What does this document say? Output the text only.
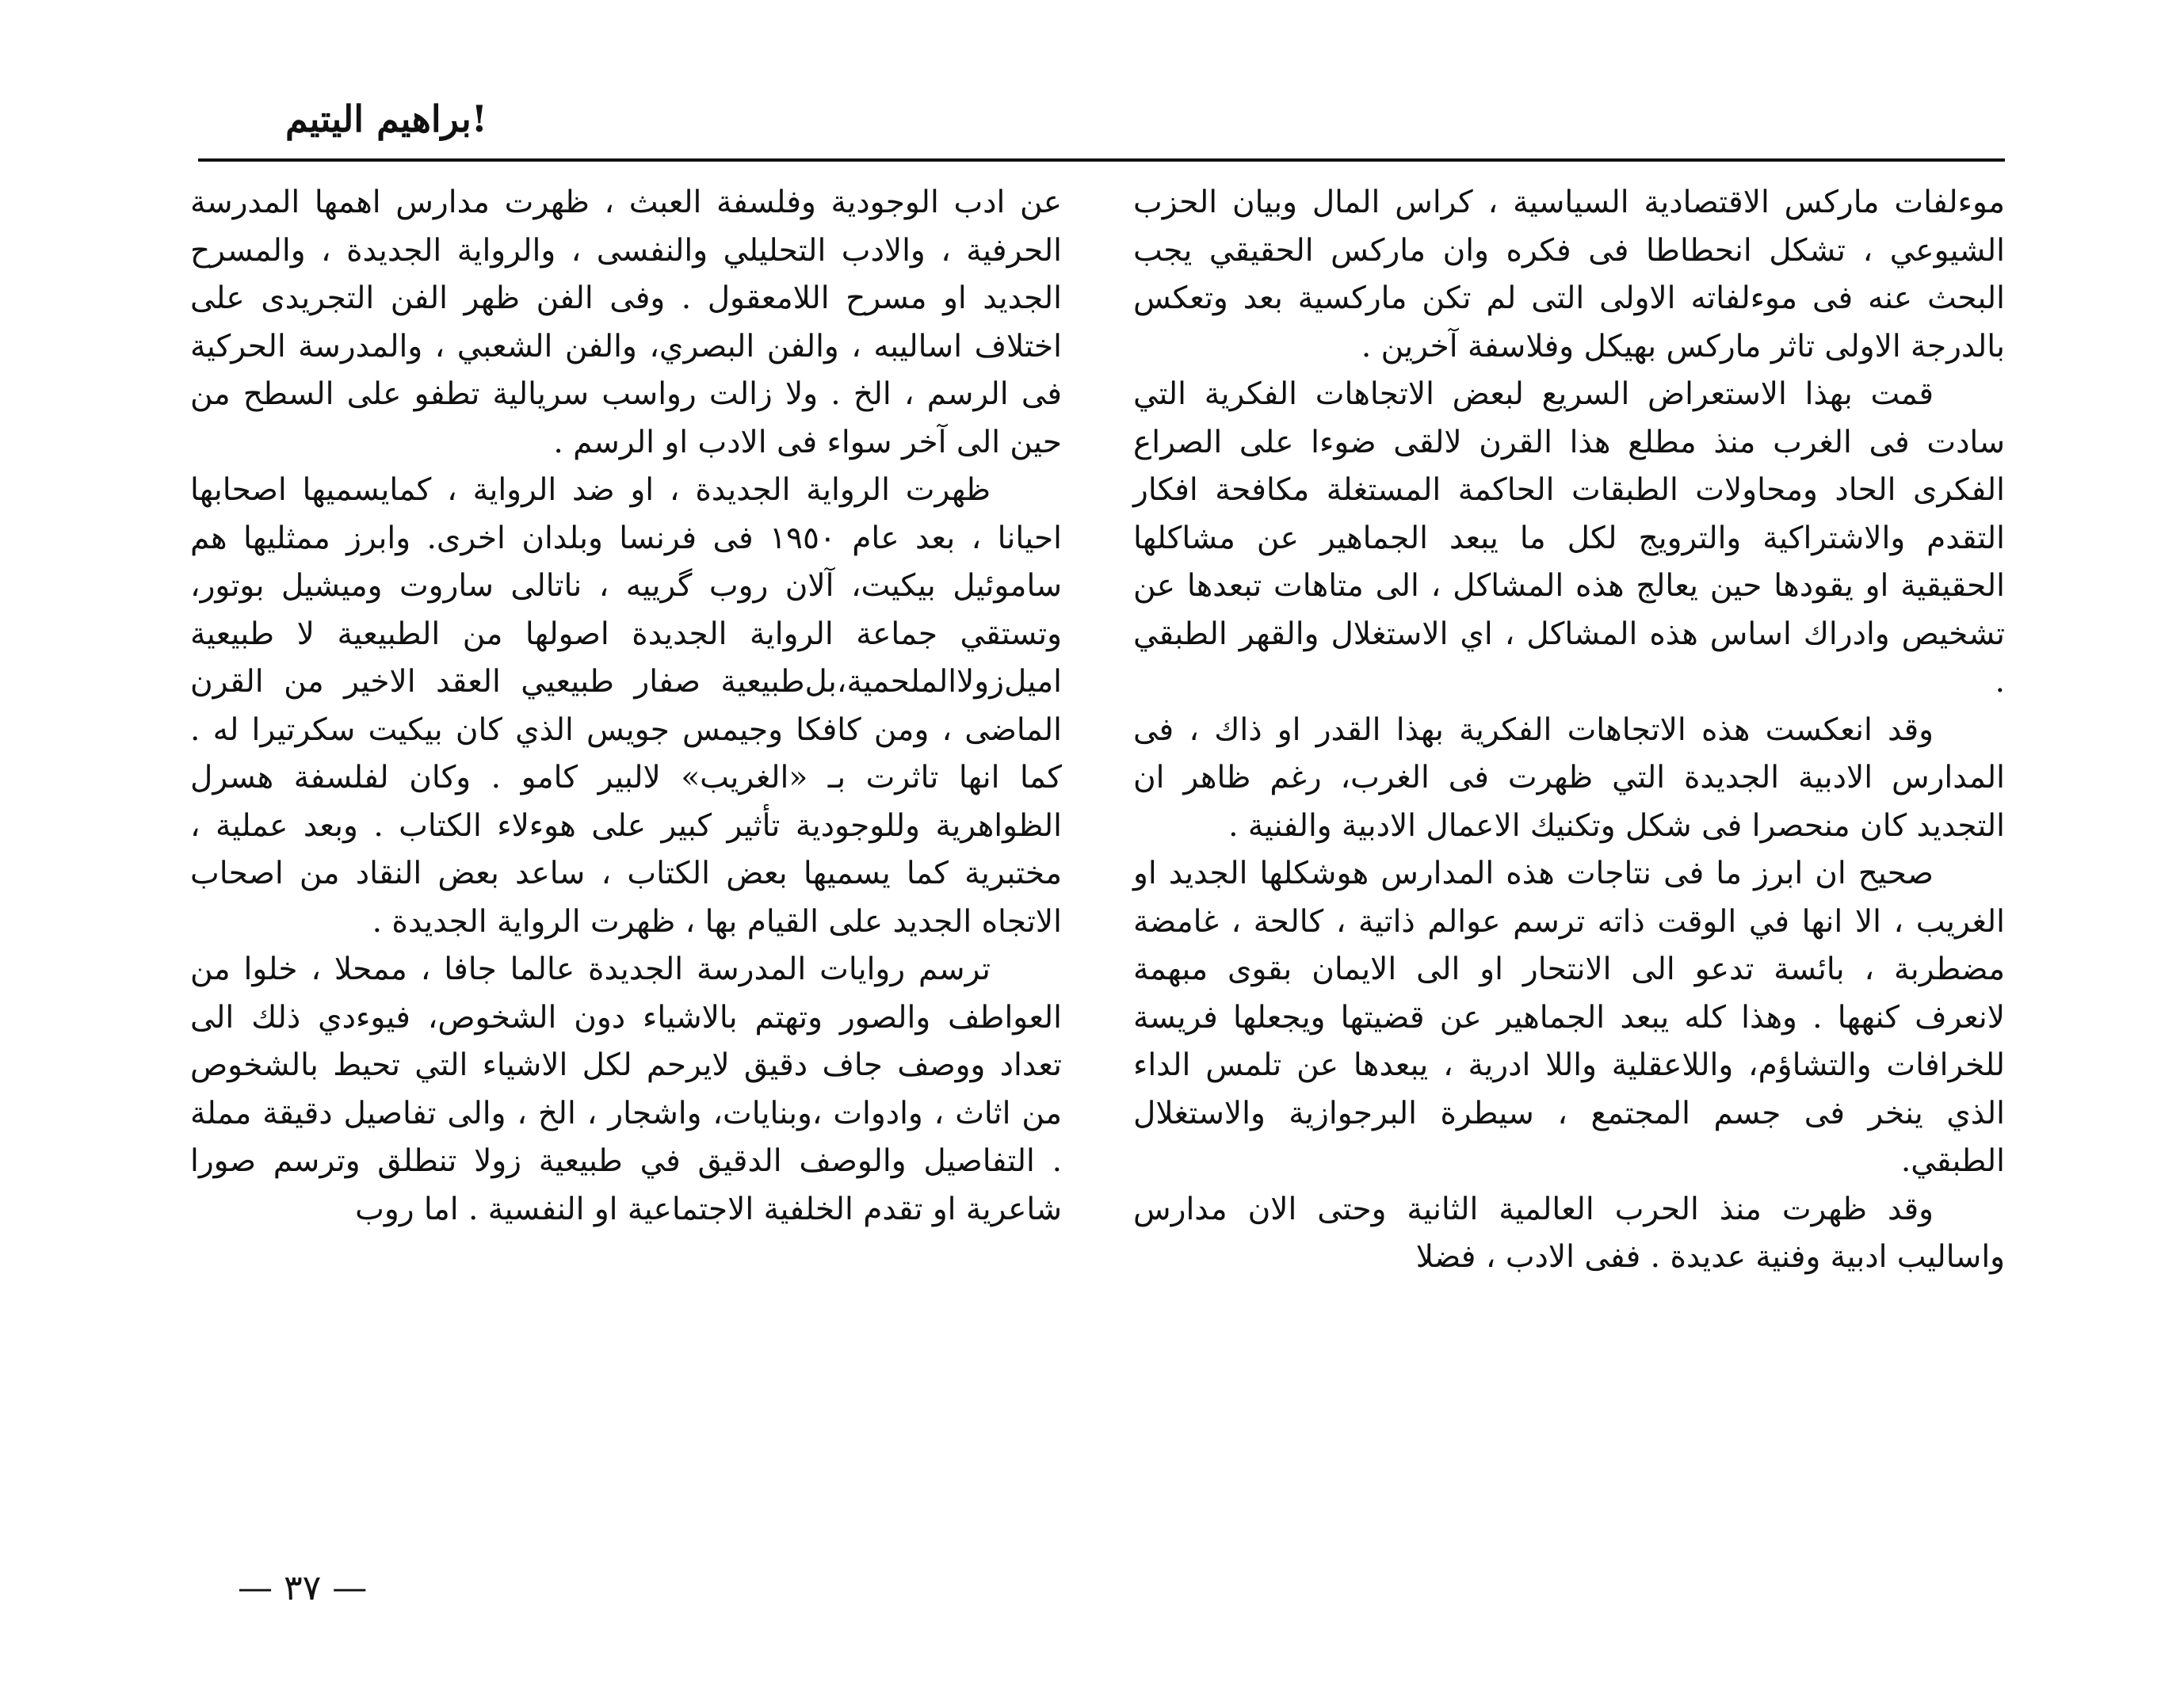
!براهيم اليتيم

موءلفات ماركس الاقتصادية السياسية ، كراس المال وبيان الحزب الشيوعي ، تشكل انحطاطا فى فكره وان ماركس الحقيقي يجب البحث عنه فى موءلفاته الاولى التى لم تكن ماركسية بعد وتعكس بالدرجة الاولى تاثر ماركس بهيكل وفلاسفة آخرين .

قمت بهذا الاستعراض السريع لبعض الاتجاهات الفكرية التي سادت فى الغرب منذ مطلع هذا القرن لالقى ضوءا على الصراع الفكرى الحاد ومحاولات الطبقات الحاكمة المستغلة مكافحة افكار التقدم والاشتراكية والترويج لكل ما يبعد الجماهير عن مشاكلها الحقيقية او يقودها حين يعالج هذه المشاكل ، الى متاهات تبعدها عن تشخيص وادراك اساس هذه المشاكل ، اي الاستغلال والقهر الطبقي .

وقد انعكست هذه الاتجاهات الفكرية بهذا القدر او ذاك ، فى المدارس الادبية الجديدة التي ظهرت فى الغرب، رغم ظاهر ان التجديد كان منحصرا فى شكل وتكنيك الاعمال الادبية والفنية .

صحيح ان ابرز ما فى نتاجات هذه المدارس هوشكلها الجديد او الغريب ، الا انها في الوقت ذاته ترسم عوالم ذاتية ، كالحة ، غامضة مضطربة ، بائسة تدعو الى الانتحار او الى الايمان بقوى مبهمة لانعرف كنهها . وهذا كله يبعد الجماهير عن قضيتها ويجعلها فريسة للخرافات والتشاؤم، واللاعقلية واللا ادرية ، يبعدها عن تلمس الداء الذي ينخر فى جسم المجتمع ، سيطرة البرجوازية والاستغلال الطبقي.

وقد ظهرت منذ الحرب العالمية الثانية وحتى الان مدارس واساليب ادبية وفنية عديدة . ففى الادب ، فضلا

عن ادب الوجودية وفلسفة العبث ، ظهرت مدارس اهمها المدرسة الحرفية ، والادب التحليلي والنفسى ، والرواية الجديدة ، والمسرح الجديد او مسرح اللامعقول . وفى الفن ظهر الفن التجريدى على اختلاف اساليبه ، والفن البصري، والفن الشعبي ، والمدرسة الحركية فى الرسم ، الخ . ولا زالت رواسب سريالية تطفو على السطح من حين الى آخر سواء فى الادب او الرسم .

ظهرت الرواية الجديدة ، او ضد الرواية ، كمايسميها اصحابها احيانا ، بعد عام ١٩٥٠ فى فرنسا وبلدان اخرى. وابرز ممثليها هم ساموئيل بيكيت، آلان روب گرييه ، ناتالى ساروت وميشيل بوتور، وتستقي جماعة الرواية الجديدة اصولها من الطبيعية لا طبيعية اميل‌زولاالملحمية،بل‌طبيعية صفار طبيعيي العقد الاخير من القرن الماضى ، ومن كافكا وجيمس جويس الذي كان بيكيت سكرتيرا له . كما انها تاثرت بـ «الغريب» لالبير كامو . وكان لفلسفة هسرل الظواهرية وللوجودية تأثير كبير على هوءلاء الكتاب . وبعد عملية ، مختبرية كما يسميها بعض الكتاب ، ساعد بعض النقاد من اصحاب الاتجاه الجديد على القيام بها ، ظهرت الرواية الجديدة .

ترسم روايات المدرسة الجديدة عالما جافا ، ممحلا ، خلوا من العواطف والصور وتهتم بالاشياء دون الشخوص، فيوءدي ذلك الى تعداد ووصف جاف دقيق لايرحم لكل الاشياء التي تحيط بالشخوص من اثاث ، وادوات ،وبنايات، واشجار ، الخ ، والى تفاصيل دقيقة مملة . التفاصيل والوصف الدقيق في طبيعية زولا تنطلق وترسم صورا شاعرية او تقدم الخلفية الاجتماعية او النفسية . اما روب

— ٣٧ —
